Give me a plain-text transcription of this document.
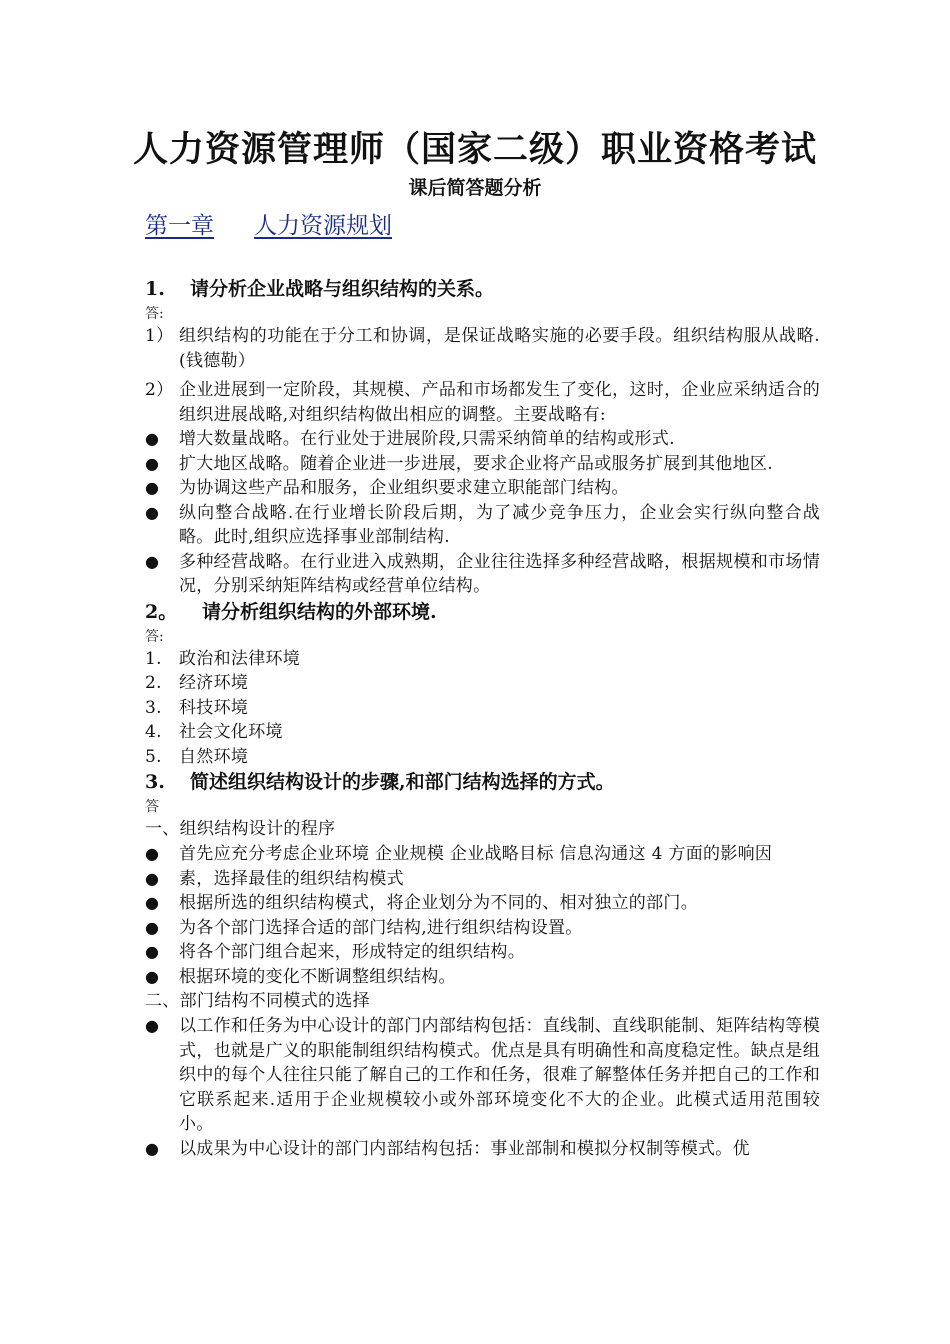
人力资源管理师（国家二级）职业资格考试
课后简答题分析
第一章 人力资源规划
1. 请分析企业战略与组织结构的关系。
答:
1） 组织结构的功能在于分工和协调，是保证战略实施的必要手段。组织结构服从战略.(钱德勒）
2） 企业进展到一定阶段，其规模、产品和市场都发生了变化，这时，企业应采纳适合的组织进展战略,对组织结构做出相应的调整。主要战略有:
● 增大数量战略。在行业处于进展阶段,只需采纳简单的结构或形式.
● 扩大地区战略。随着企业进一步进展，要求企业将产品或服务扩展到其他地区.
● 为协调这些产品和服务，企业组织要求建立职能部门结构。
● 纵向整合战略.在行业增长阶段后期，为了减少竞争压力，企业会实行纵向整合战略。此时,组织应选择事业部制结构.
● 多种经营战略。在行业进入成熟期，企业往往选择多种经营战略，根据规模和市场情况，分别采纳矩阵结构或经营单位结构。
2。 请分析组织结构的外部环境.
答:
1. 政治和法律环境
2. 经济环境
3. 科技环境
4. 社会文化环境
5. 自然环境
3. 简述组织结构设计的步骤,和部门结构选择的方式。
答
一、组织结构设计的程序
● 首先应充分考虑企业环境 企业规模 企业战略目标 信息沟通这 4 方面的影响因
● 素，选择最佳的组织结构模式
● 根据所选的组织结构模式，将企业划分为不同的、相对独立的部门。
● 为各个部门选择合适的部门结构,进行组织结构设置。
● 将各个部门组合起来，形成特定的组织结构。
● 根据环境的变化不断调整组织结构。
二、部门结构不同模式的选择
● 以工作和任务为中心设计的部门内部结构包括：直线制、直线职能制、矩阵结构等模式，也就是广义的职能制组织结构模式。优点是具有明确性和高度稳定性。缺点是组织中的每个人往往只能了解自己的工作和任务，很难了解整体任务并把自己的工作和它联系起来.适用于企业规模较小或外部环境变化不大的企业。此模式适用范围较小。
● 以成果为中心设计的部门内部结构包括：事业部制和模拟分权制等模式。优
